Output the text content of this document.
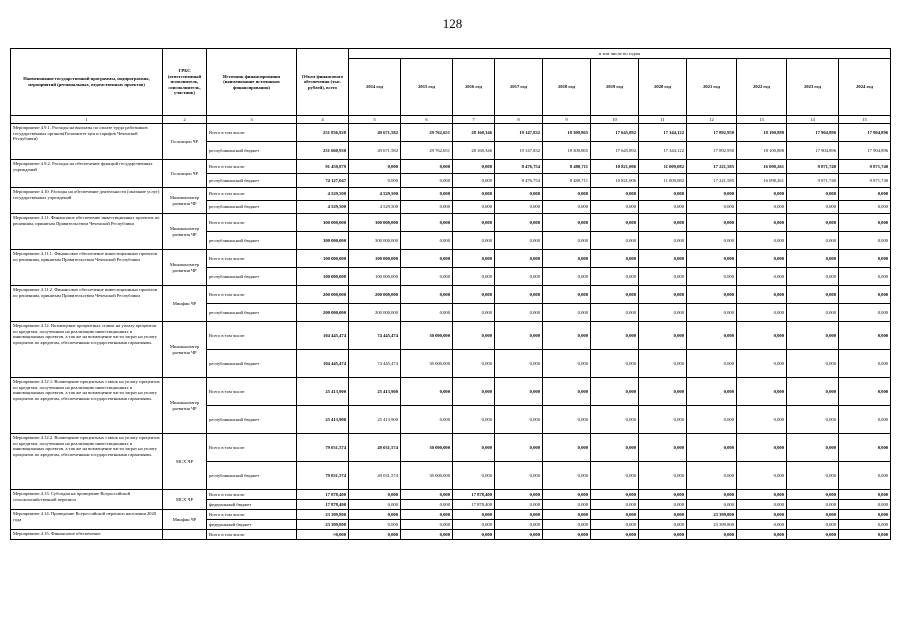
128
Наименование государственной программы, подпрограммы, мероприятий (региональных, ведомственных проектов)	ГРБС (ответственный исполнитель, соисполнитель, участник)	Источник финансирования (наименование источников финансирования)	Объем финансового обеспечения (тыс. рублей), всего	в том числе по годам										
				2014 год	2015 год	2016 год	2017 год	2018 год	2019 год	2020 год	2021 год	2022 год	2023 год	2024 год
1	2	3	4	5	6	7	8	9	10	11	12	13	14	15
Мероприятие 4.9.1. Расходы на выплаты по оплате труда работников государственных органов(Госкомитет цен и тарифов Чеченской Республики)	Госкомцен ЧР	Всего в том числе:	251 836,920	49 671,582	29 762,651	28 160,346	19 147,832	18 300,865	17 645,892	17 344,122	17 892,950	18 100,888	17 904,896	17 904,896
		республиканский бюджет	251 660,930	49 671,582	29 762,651	28 160,346	19 147,832	18 300,865	17 645,892	17 344,122	17 892,950	18 100,888	17 904,896	17 904,896
Мероприятие 4.9.2. Расходы на обеспечение функций государственных учреждений	Госкомцен ЧР	Всего в том числе:	91 450,879	0,000	0,000	0,000	8 476,754	8 480,711	10 821,006	11 009,082	17 221,585	16 098,261	9 871,740	9 871,740
		республиканский бюджет	74 127,047	0,000	0,000	0,000	8 476,754	8 480,711	10 821,006	11 009,082	17 221,585	16 098,261	9 871,740	9 871,740
Мероприятие 4.10. Расходы на обеспечение деятельности (оказание услуг) государственных учреждений	Минэкономтер развития ЧР	Всего в том числе:	4 529,500	4 529,500	0,000	0,000	0,000	0,000	0,000	0,000	0,000	0,000	0,000	0,000
		республиканский бюджет	4 529,500	4 529,500	0,000	0,000	0,000	0,000	0,000	0,000	0,000	0,000	0,000	0,000
Мероприятие 4.11. Финансовое обеспечение инвестиционных проектов по решениям, принятым Правительством Чеченской Республики	Минэкономтер развития ЧР	Всего в том числе:	300 000,000	300 000,000	0,000	0,000	0,000	0,000	0,000	0,000	0,000	0,000	0,000	0,000
		республиканский бюджет	300 000,000	300 000,000	0,000	0,000	0,000	0,000	0,000	0,000	0,000	0,000	0,000	0,000
Мероприятие 4.11.1. Финансовое обеспечение инвестиционных проектов по решениям, принятым Правительством Чеченской Республики	Минэкономтер развития ЧР	Всего в том числе:	100 000,000	100 000,000	0,000	0,000	0,000	0,000	0,000	0,000	0,000	0,000	0,000	0,000
		республиканский бюджет	100 000,000	100 000,000	0,000	0,000	0,000	0,000	0,000	0,000	0,000	0,000	0,000	0,000
Мероприятие 4.11.2. Финансовое обеспечение инвестиционных проектов по решениям, принятым Правительством Чеченской Республики	Минфин ЧР	Всего в том числе:	200 000,000	200 000,000	0,000	0,000	0,000	0,000	0,000	0,000	0,000	0,000	0,000	0,000
		республиканский бюджет	200 000,000	200 000,000	0,000	0,000	0,000	0,000	0,000	0,000	0,000	0,000	0,000	0,000
Мероприятие 4.12. Возмещение процентных ставок на уплату процентов по кредитам, полученным на реализацию инвестиционных и инновационных проектов, а так же на возмещение части затрат на уплату процентов по кредитам, обеспеченным государственными гарантиями.	Минэкономтер развития ЧР	Всего в том числе:	104 445,474	74 445,474	30 000,000	0,000	0,000	0,000	0,000	0,000	0,000	0,000	0,000	0,000
		республиканский бюджет	104 445,474	74 445,474	30 000,000	0,000	0,000	0,000	0,000	0,000	0,000	0,000	0,000	0,000
Мероприятие 4.12.1. Возмещение процентных ставок на уплату процентов по кредитам, полученным на реализацию инвестиционных и инновационных проектов, а так же на возмещение части затрат на уплату процентов по кредитам, обеспеченным государственными гарантиями.	Минэкономтер развития ЧР	Всего в том числе:	25 413,900	25 413,900	0,000	0,000	0,000	0,000	0,000	0,000	0,000	0,000	0,000	0,000
		республиканский бюджет	25 413,900	25 413,900	0,000	0,000	0,000	0,000	0,000	0,000	0,000	0,000	0,000	0,000
Мероприятие 4.12.2. Возмещение процентных ставок на уплату процентов по кредитам, полученным на реализацию инвестиционных и инновационных проектов, а так же на возмещение части затрат на уплату процентов по кредитам, обеспеченным государственными гарантиями.	МСХ ЧР	Всего в том числе:	79 031,574	49 031,574	30 000,000	0,000	0,000	0,000	0,000	0,000	0,000	0,000	0,000	0,000
		республиканский бюджет	79 031,574	49 031,574	30 000,000	0,000	0,000	0,000	0,000	0,000	0,000	0,000	0,000	0,000
Мероприятие 4.13. Субсидия на проведение Всероссийской сельскохозяйственной переписи	МСХ ЧР	Всего в том числе:	17 878,400	0,000	0,000	17 878,400	0,000	0,000	0,000	0,000	0,000	0,000	0,000	0,000
		федеральный бюджет	17 878,400	0,000	0,000	17 878,400	0,000	0,000	0,000	0,000	0,000	0,000	0,000	0,000
Мероприятие 4.14. Проведение Всероссийской переписи населения 2020 года	Минфин ЧР	Всего в том числе:	23 399,800	0,000	0,000	0,000	0,000	0,000	0,000	0,000	23 399,800	0,000	0,000	0,000
		федеральный бюджет	23 399,800	0,000	0,000	0,000	0,000	0,000	0,000	0,000	23 399,800	0,000	0,000	0,000
Мероприятие 4.15. Финансовое обеспечение		Всего в том числе:	≈0,000	0,000	0,000	0,000	0,000	0,000	0,000	0,000	0,000	0,000	0,000	0,000
